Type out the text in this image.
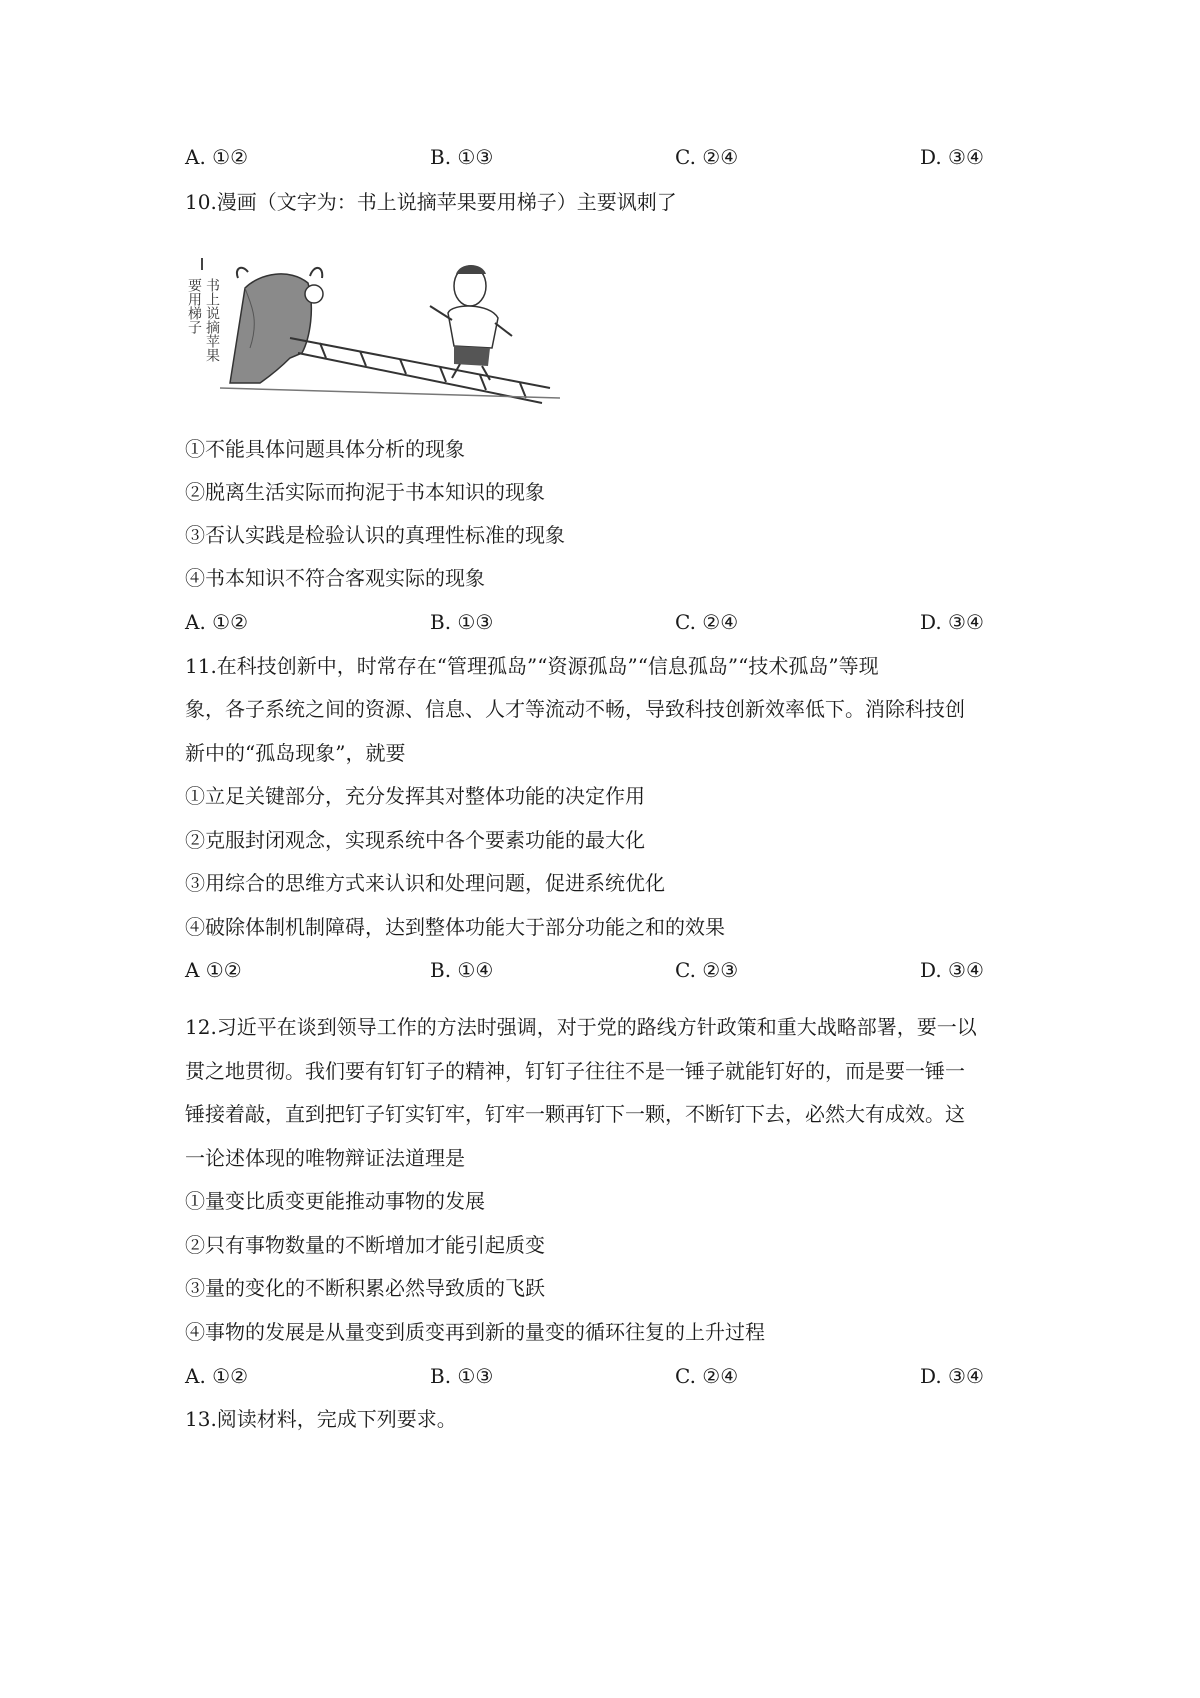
A. ①②	B. ①③	C. ②④	D. ③④
10.漫画（文字为：书上说摘苹果要用梯子）主要讽刺了
书上说摘苹果
要用梯子
①不能具体问题具体分析的现象
②脱离生活实际而拘泥于书本知识的现象
③否认实践是检验认识的真理性标准的现象
④书本知识不符合客观实际的现象
A. ①②	B. ①③	C. ②④	D. ③④
11.在科技创新中，时常存在“管理孤岛”“资源孤岛”“信息孤岛”“技术孤岛”等现
象，各子系统之间的资源、信息、人才等流动不畅，导致科技创新效率低下。消除科技创
新中的“孤岛现象”，就要
①立足关键部分，充分发挥其对整体功能的决定作用
②克服封闭观念，实现系统中各个要素功能的最大化
③用综合的思维方式来认识和处理问题，促进系统优化
④破除体制机制障碍，达到整体功能大于部分功能之和的效果
A ①②	B. ①④	C. ②③	D. ③④
12.习近平在谈到领导工作的方法时强调，对于党的路线方针政策和重大战略部署，要一以
贯之地贯彻。我们要有钉钉子的精神，钉钉子往往不是一锤子就能钉好的，而是要一锤一
锤接着敲，直到把钉子钉实钉牢，钉牢一颗再钉下一颗，不断钉下去，必然大有成效。这
一论述体现的唯物辩证法道理是
①量变比质变更能推动事物的发展
②只有事物数量的不断增加才能引起质变
③量的变化的不断积累必然导致质的飞跃
④事物的发展是从量变到质变再到新的量变的循环往复的上升过程
A. ①②	B. ①③	C. ②④	D. ③④
13.阅读材料，完成下列要求。
